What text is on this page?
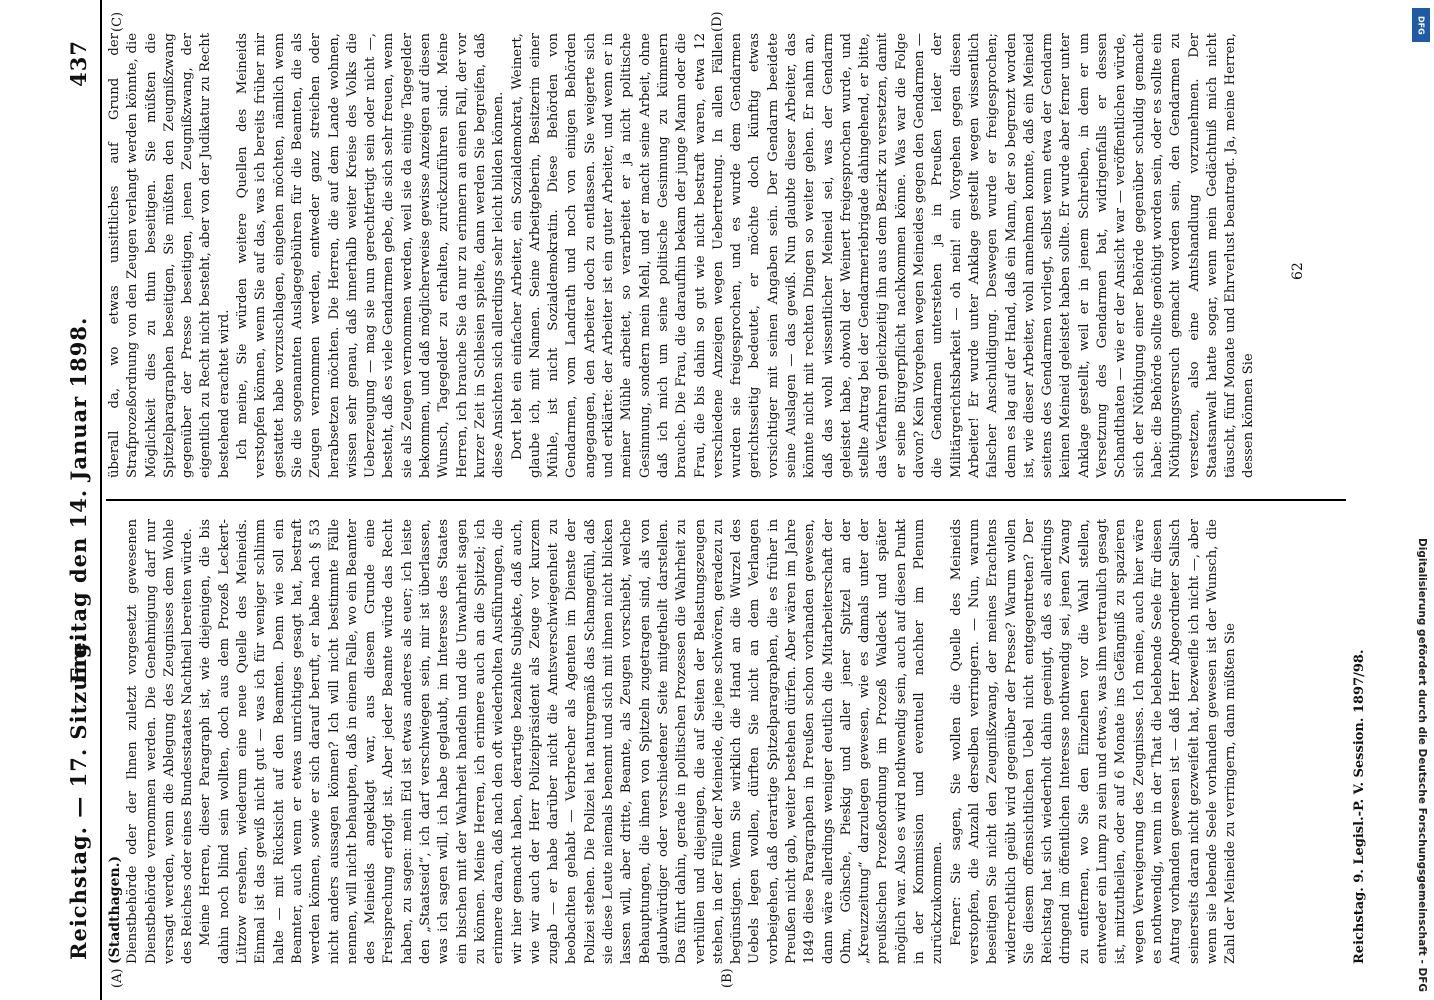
Reichstag. — 17. Sitzung.
Freitag den 14. Januar 1898.
437
(A)	(B)
(C)	(D)
(Stadthagen.) Dienstbehörde oder der Ihnen zuletzt vorgesetzt gewesenen Dienstbehörde vernommen werden. Die Genehmigung darf nur versagt werden, wenn die Ablegung des Zeugnisses dem Wohle des Reiches oder eines Bundesstaates Nachtheil bereiten würde. Meine Herren, dieser Paragraph ist, wie diejenigen, die bis dahin noch blind sein wollten, doch aus dem Prozeß Leckert-Lützow ersehen, wiederum eine neue Quelle des Meineids. Einmal ist das gewiß nicht gut — was ich für weniger schlimm halte — mit Rücksicht auf den Beamten. Denn wie soll ein Beamter, auch wenn er etwas unrichtiges gesagt hat, bestraft werden können, sowie er sich darauf beruft, er habe nach § 53 nicht anders aussagen können? Ich will nicht bestimmte Fälle nennen, will nicht behaupten, daß in einem Falle, wo ein Beamter des Meineids angeklagt war, aus diesem Grunde eine Freisprechung erfolgt ist. Aber jeder Beamte würde das Recht haben, zu sagen: mein Eid ist etwas anderes als euer; ich leiste den „Staatseid“, ich darf verschwiegen sein, mir ist überlassen, was ich sagen will, ich habe geglaubt, im Interesse des Staates ein bischen mit der Wahrheit handeln und die Unwahrheit sagen zu können. Meine Herren, ich erinnere auch an die Spitzel; ich erinnere daran, daß nach den oft wiederholten Ausführungen, die wir hier gemacht haben, derartige bezahlte Subjekte, daß auch, wie wir auch der Herr Polizeipräsident als Zeuge vor kurzem zugab — er habe darüber nicht die Amtsverschwiegenheit zu beobachten gehabt — Verbrecher als Agenten im Dienste der Polizei stehen. Die Polizei hat naturgemäß das Schamgefühl, daß sie diese Leute niemals benennt und sich mit ihnen nicht blicken lassen will, aber dritte, Beamte, als Zeugen vorschiebt, welche Behauptungen, die ihnen von Spitzeln zugetragen sind, als von glaubwürdiger oder verschiedener Seite mitgetheilt darstellen. Das führt dahin, gerade in politischen Prozessen die Wahrheit zu verhüllen und diejenigen, die auf Seiten der Belastungszeugen stehen, in der Fülle der Meineide, die jene schwören, geradezu zu begünstigen. Wenn Sie wirklich die Hand an die Wurzel des Uebels legen wollen, dürften Sie nicht an dem Verlangen vorbeigehen, daß derartige Spitzelparagraphen, die es früher in Preußen nicht gab, weiter bestehen dürfen. Aber wären im Jahre 1849 diese Paragraphen in Preußen schon vorhanden gewesen, dann wäre allerdings weniger deutlich die Mitarbeiterschaft der Ohm, Göhsche, Pieskig und aller jener Spitzel an der „Kreuzzeitung“ darzulegen gewesen, wie es damals unter der preußischen Prozeßordnung im Prozeß Waldeck und später möglich war. Also es wird nothwendig sein, auch auf diesen Punkt in der Kommission und eventuell nachher im Plenum zurückzukommen. Ferner: Sie sagen, Sie wollen die Quelle des Meineids verstopfen, die Anzahl derselben verringern. — Nun, warum beseitigen Sie nicht den Zeugnißzwang, der meines Erachtens widerrechtlich geübt wird gegenüber der Presse? Warum wollen Sie diesem offensichtlichen Uebel nicht entgegentreten? Der Reichstag hat sich wiederholt dahin geeinigt, daß es allerdings dringend im öffentlichen Interesse nothwendig sei, jenen Zwang zu entfernen, wo Sie den Einzelnen vor die Wahl stellen, entweder ein Lump zu sein und etwas, was ihm vertraulich gesagt ist, mitzutheilen, oder auf 6 Monate ins Gefängniß zu spazieren wegen Verweigerung des Zeugnisses. Ich meine, auch hier wäre es nothwendig, wenn in der That die belebende Seele für diesen Antrag vorhanden gewesen ist — daß Herr Abgeordneter Salisch seinerseits daran nicht gezweifelt hat, bezweifle ich nicht —, aber wenn sie lebende Seele vorhanden gewesen ist der Wunsch, die Zahl der Meineide zu verringern, dann müßten Sie

überall da, wo etwas unsittliches auf Grund der Strafprozeßordnung von den Zeugen verlangt werden könnte, die Möglichkeit dies zu thun beseitigen. Sie müßten die Spitzelparagraphen beseitigen, Sie müßten den Zeugnißzwang gegenüber der Presse beseitigen, jenen Zeugnißzwang, der eigentlich zu Recht nicht besteht, aber von der Judikatur zu Recht bestehend erachtet wird. Ich meine, Sie würden weitere Quellen des Meineids verstopfen können, wenn Sie auf das, was ich bereits früher mir gestattet habe vorzuschlagen, eingehen möchten, nämlich wenn Sie die sogenannten Auslagegebühren für die Beamten, die als Zeugen vernommen werden, entweder ganz streichen oder herabsetzen möchten. Die Herren, die auf dem Lande wohnen, wissen sehr genau, daß innerhalb weiter Kreise des Volks die Ueberzeugung — mag sie nun gerechtfertigt sein oder nicht —, besteht, daß es viele Gendarmen gebe, die sich sehr freuen, wenn sie als Zeugen vernommen werden, weil sie da einige Tagegelder bekommen, und daß möglicherweise gewisse Anzeigen auf diesen Wunsch, Tagegelder zu erhalten, zurückzuführen sind. Meine Herren, ich brauche Sie da nur zu erinnern an einen Fall, der vor kurzer Zeit in Schlesien spielte, dann werden Sie begreifen, daß diese Ansichten sich allerdings sehr leicht bilden können. Dort lebt ein einfacher Arbeiter, ein Sozialdemokrat, Weinert, glaube ich, mit Namen. Seine Arbeitgeberin, Besitzerin einer Mühle, ist nicht Sozialdemokratin. Diese Behörden von Gendarmen, vom Landrath und noch von einigen Behörden angegangen, den Arbeiter doch zu entlassen. Sie weigerte sich und erklärte: der Arbeiter ist ein guter Arbeiter, und wenn er in meiner Mühle arbeitet, so verarbeitet er ja nicht politische Gesinnung, sondern mein Mehl, und er macht seine Arbeit, ohne daß ich mich um seine politische Gesinnung zu kümmern brauche. Die Frau, die daraufhin bekam der junge Mann oder die Frau, die bis dahin so gut wie nicht bestraft waren, etwa 12 verschiedene Anzeigen wegen Uebertretung. In allen Fällen wurden sie freigesprochen, und es wurde dem Gendarmen gerichtsseitig bedeutet, er möchte doch künftig etwas vorsichtiger mit seinen Angaben sein. Der Gendarm beeidete seine Auslagen — das gewiß. Nun glaubte dieser Arbeiter, das könnte nicht mit rechten Dingen so weiter gehen. Er nahm an, daß das wohl wissentlicher Meineid sei, was der Gendarm geleistet habe, obwohl der Weinert freigesprochen wurde, und stellte Antrag bei der Gendarmeriebrigade dahingehend, er bitte, das Verfahren gleichzeitig ihn aus dem Bezirk zu versetzen, damit er seine Bürgerpflicht nachkommen könne. Was war die Folge davon? Kein Vorgehen wegen Meineides gegen den Gendarmen — die Gendarmen unterstehen ja in Preußen leider der Militärgerichtsbarkeit — oh nein! ein Vorgehen gegen diesen Arbeiter! Er wurde unter Anklage gestellt wegen wissentlich falscher Anschuldigung. Deswegen wurde er freigesprochen; denn es lag auf der Hand, daß ein Mann, der so begrenzt worden ist, wie dieser Arbeiter, wohl annehmen konnte, daß ein Meineid seitens des Gendarmen vorliegt, selbst wenn etwa der Gendarm keinen Meineid geleistet haben sollte. Er wurde aber ferner unter Anklage gestellt, weil er in jenem Schreiben, in dem er um Versetzung des Gendarmen bat, widrigenfalls er dessen Schandthaten — wie er der Ansicht war — veröffentlichen würde, sich der Nöthigung einer Behörde gegenüber schuldig gemacht habe: die Behörde sollte genöthigt worden sein, oder es sollte ein Nöthigungsversuch gemacht worden sein, den Gendarmen zu versetzen, also eine Amtshandlung vorzunehmen. Der Staatsanwalt hatte sogar, wenn mein Gedächtniß mich nicht täuscht, fünf Monate und Ehrverlust beantragt. Ja, meine Herren, dessen können Sie

Reichstag. 9. Legisl.-P. V. Session. 1897/98.
62
Digitalisierung gefördert durch die Deutsche Forschungsgemeinschaft - DFG
DFG
